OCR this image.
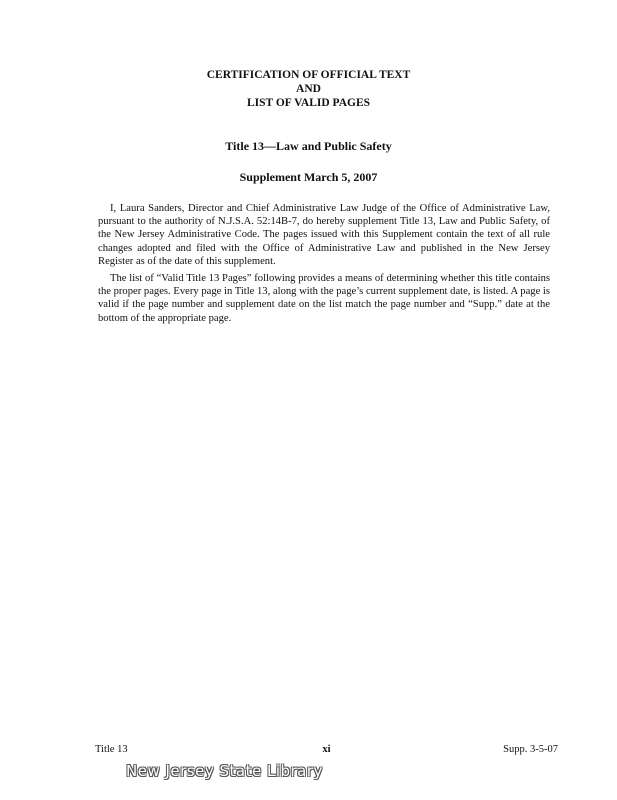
CERTIFICATION OF OFFICIAL TEXT
AND
LIST OF VALID PAGES
Title 13—Law and Public Safety
Supplement March 5, 2007

I, Laura Sanders, Director and Chief Administrative Law Judge of the Office of Administrative Law, pursuant to the authority of N.J.S.A. 52:14B-7, do hereby supplement Title 13, Law and Public Safety, of the New Jersey Administrative Code. The pages issued with this Supplement contain the text of all rule changes adopted and filed with the Office of Administrative Law and published in the New Jersey Register as of the date of this supplement.

The list of “Valid Title 13 Pages” following provides a means of determining whether this title contains the proper pages. Every page in Title 13, along with the page’s current supplement date, is listed. A page is valid if the page number and supplement date on the list match the page number and “Supp.” date at the bottom of the appropriate page.

Title 13	xi	Supp. 3-5-07
New Jersey State Library
